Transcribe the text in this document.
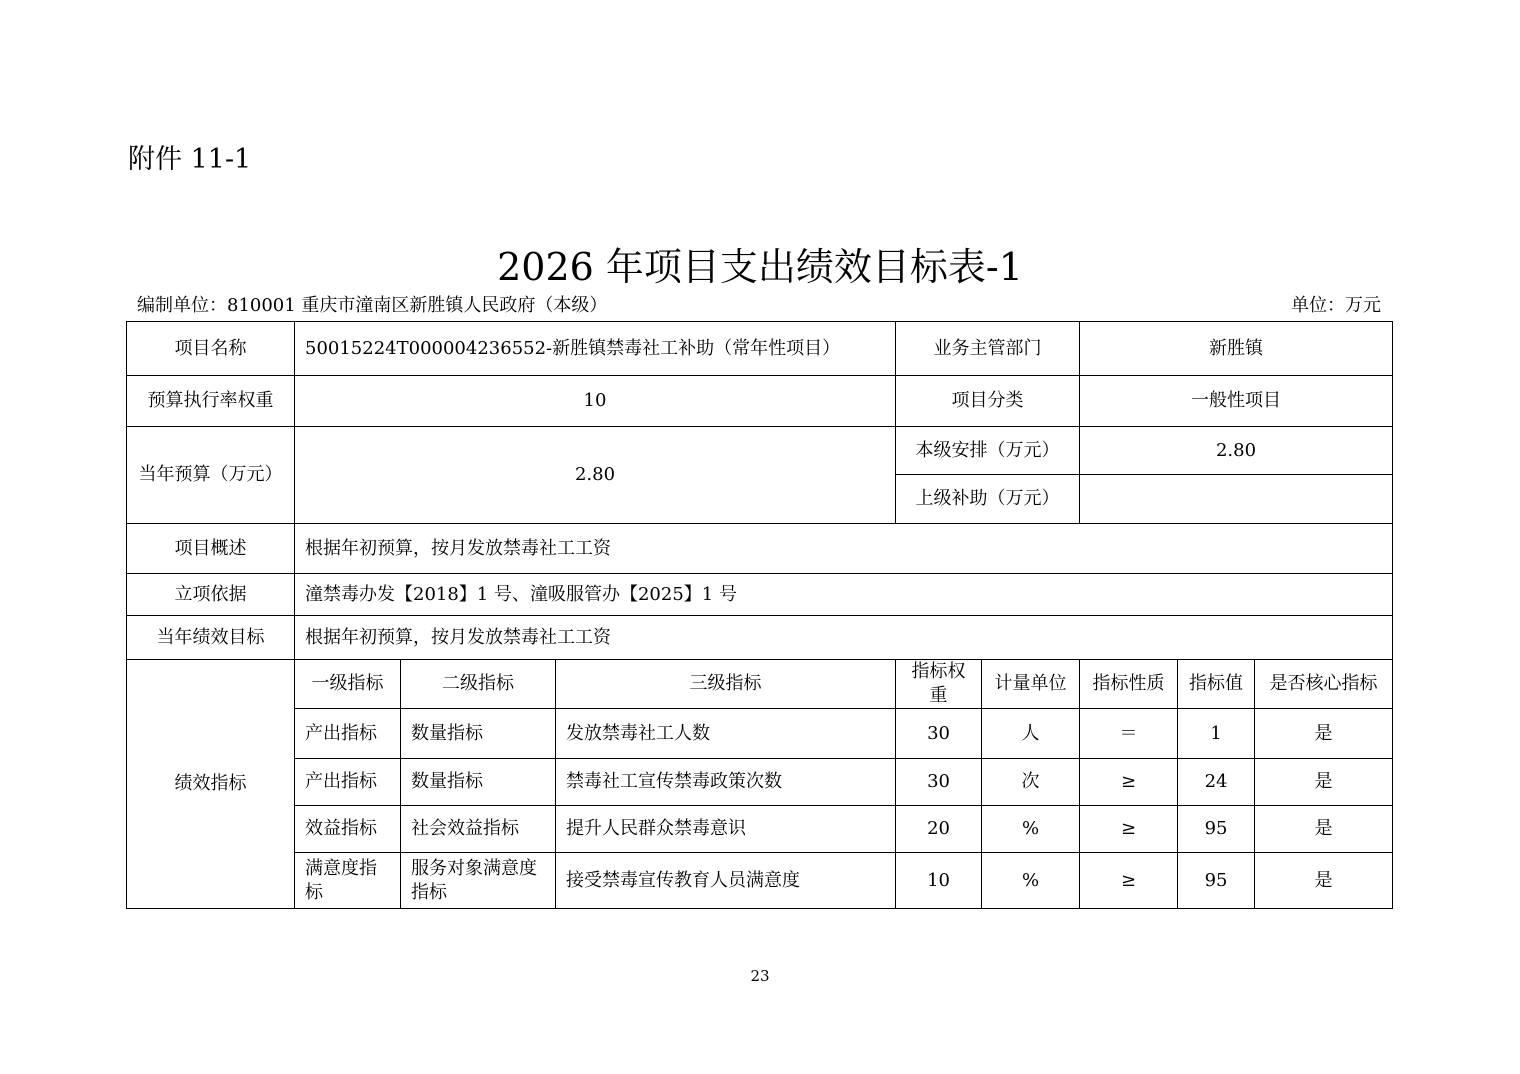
附件 11-1
2026 年项目支出绩效目标表-1
编制单位：810001 重庆市潼南区新胜镇人民政府（本级）	单位：万元
项目名称	50015224T000004236552-新胜镇禁毒社工补助（常年性项目）			业务主管部门		新胜镇		
预算执行率权重	10			项目分类		一般性项目		
当年预算（万元）	2.80			本级安排（万元）		2.80		
				上级补助（万元）				
项目概述	根据年初预算，按月发放禁毒社工工资							
立项依据	潼禁毒办发【2018】1 号、潼吸服管办【2025】1 号							
当年绩效目标	根据年初预算，按月发放禁毒社工工资							
绩效指标	一级指标	二级指标	三级指标	指标权重	计量单位	指标性质	指标值	是否核心指标
	产出指标	数量指标	发放禁毒社工人数	30	人	＝	1	是
	产出指标	数量指标	禁毒社工宣传禁毒政策次数	30	次	≥	24	是
	效益指标	社会效益指标	提升人民群众禁毒意识	20	%	≥	95	是
	满意度指标	服务对象满意度指标	接受禁毒宣传教育人员满意度	10	%	≥	95	是
23
